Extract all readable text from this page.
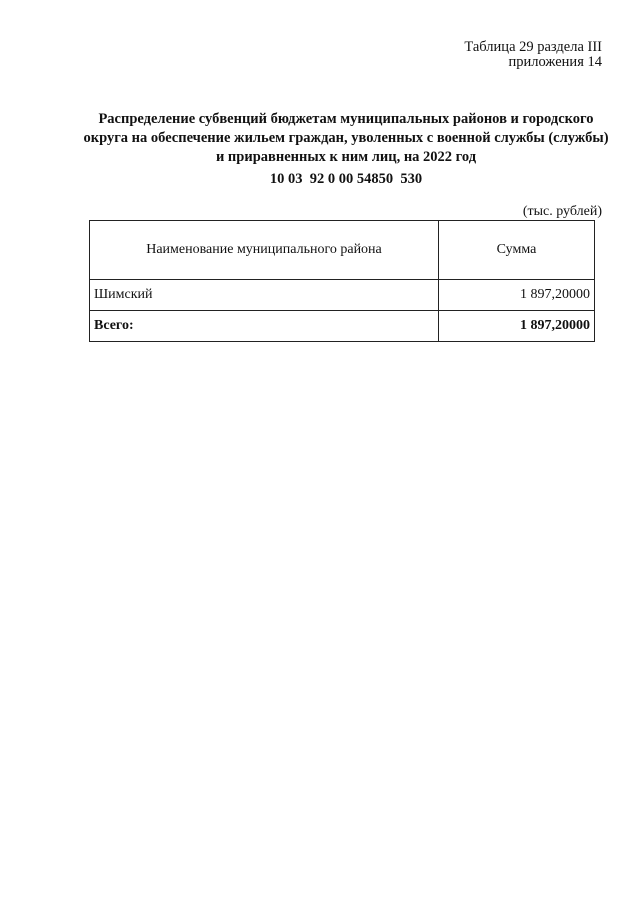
Таблица 29 раздела III
приложения 14
Распределение субвенций бюджетам муниципальных районов и городского округа на обеспечение жильем граждан, уволенных с военной службы (службы) и приравненных к ним лиц, на 2022 год
10 03  92 0 00 54850  530
(тыс. рублей)
Наименование муниципального района	Сумма
Шимский	1 897,20000
Всего:	1 897,20000
